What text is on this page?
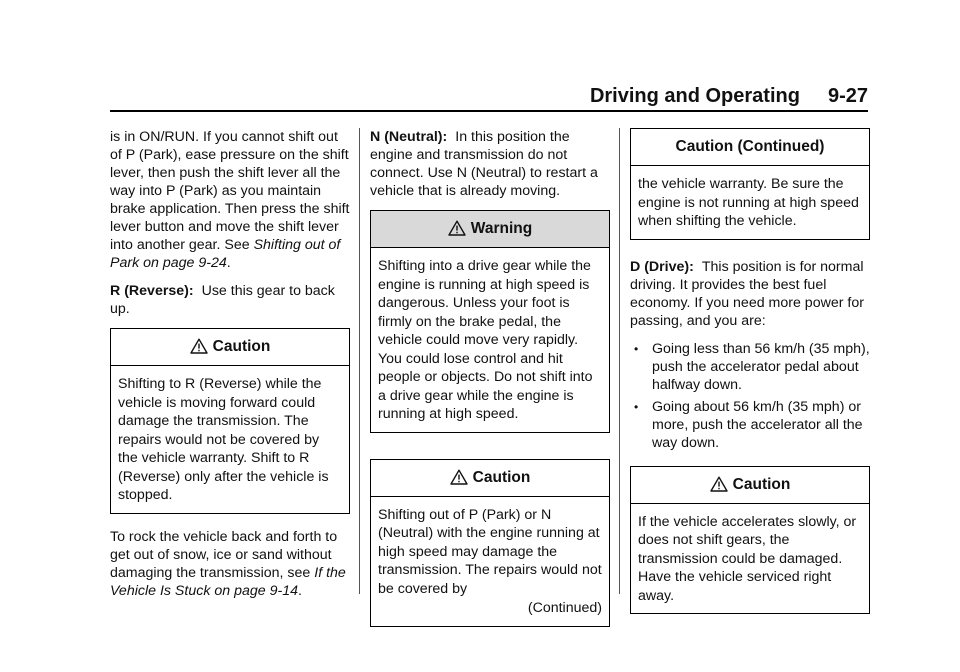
Driving and Operating 9-27

is in ON/RUN. If you cannot shift out of P (Park), ease pressure on the shift lever, then push the shift lever all the way into P (Park) as you maintain brake application. Then press the shift lever button and move the shift lever into another gear. See Shifting out of Park on page 9-24.

R (Reverse): Use this gear to back up.

Caution
Shifting to R (Reverse) while the vehicle is moving forward could damage the transmission. The repairs would not be covered by the vehicle warranty. Shift to R (Reverse) only after the vehicle is stopped.

To rock the vehicle back and forth to get out of snow, ice or sand without damaging the transmission, see If the Vehicle Is Stuck on page 9-14.

N (Neutral): In this position the engine and transmission do not connect. Use N (Neutral) to restart a vehicle that is already moving.

Warning
Shifting into a drive gear while the engine is running at high speed is dangerous. Unless your foot is firmly on the brake pedal, the vehicle could move very rapidly. You could lose control and hit people or objects. Do not shift into a drive gear while the engine is running at high speed.
Caution
Shifting out of P (Park) or N (Neutral) with the engine running at high speed may damage the transmission. The repairs would not be covered by
(Continued)
Caution (Continued)
the vehicle warranty. Be sure the engine is not running at high speed when shifting the vehicle.

D (Drive): This position is for normal driving. It provides the best fuel economy. If you need more power for passing, and you are:

• Going less than 56 km/h (35 mph), push the accelerator pedal about halfway down.
• Going about 56 km/h (35 mph) or more, push the accelerator all the way down.
Caution
If the vehicle accelerates slowly, or does not shift gears, the transmission could be damaged. Have the vehicle serviced right away.
